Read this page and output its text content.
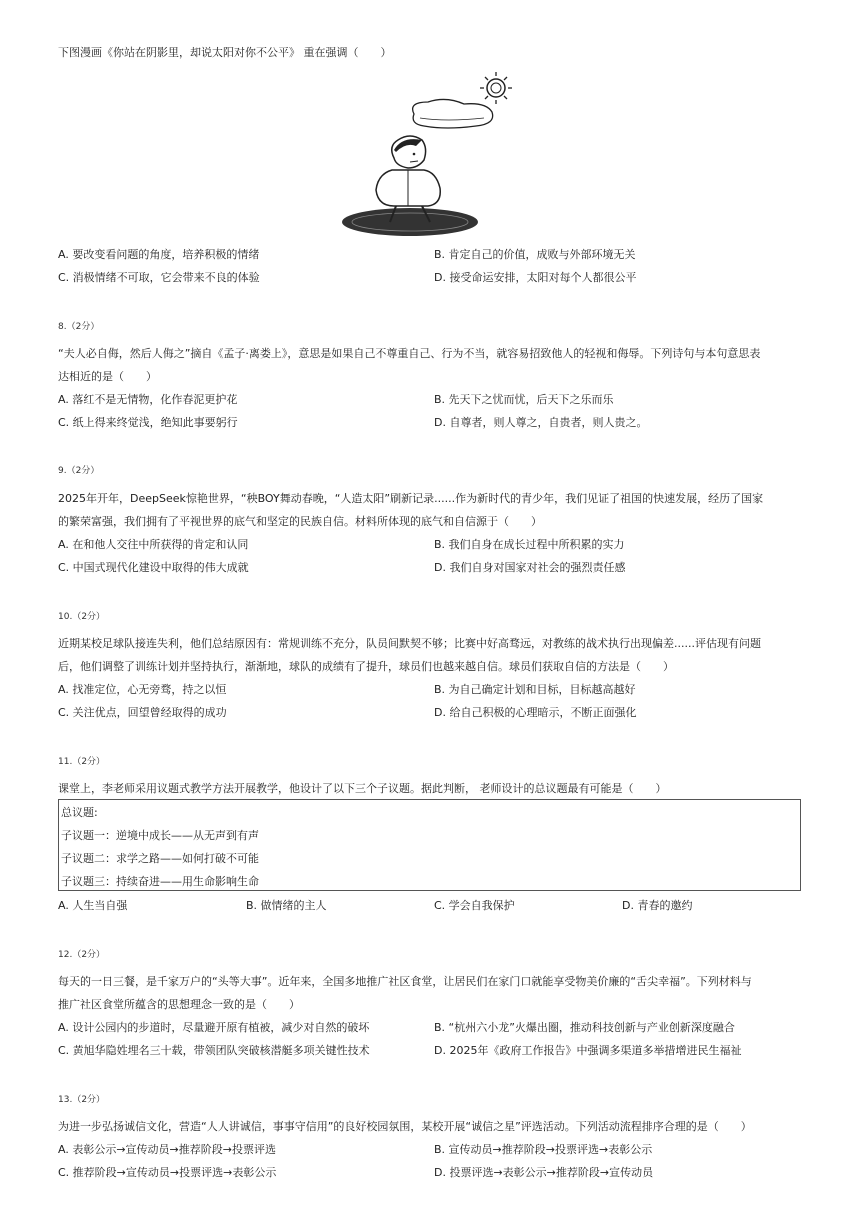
下图漫画《你站在阴影里，却说太阳对你不公平》 重在强调（　　）
A. 要改变看问题的角度，培养积极的情绪	B. 肯定自己的价值，成败与外部环境无关
C. 消极情绪不可取，它会带来不良的体验	D. 接受命运安排，太阳对每个人都很公平
8.（2分）
“夫人必自侮，然后人侮之”摘自《孟子·离娄上》，意思是如果自己不尊重自己、行为不当，就容易招致他人的轻视和侮辱。下列诗句与本句意思表
达相近的是（　　）
A. 落红不是无情物，化作春泥更护花	B. 先天下之忧而忧，后天下之乐而乐
C. 纸上得来终觉浅，绝知此事要躬行	D. 自尊者，则人尊之，自贵者，则人贵之。
9.（2分）
2025年开年，DeepSeek惊艳世界，“秧BOY舞动春晚，“人造太阳”刷新记录......作为新时代的青少年，我们见证了祖国的快速发展，经历了国家
的繁荣富强，我们拥有了平视世界的底气和坚定的民族自信。材料所体现的底气和自信源于（　　）
A. 在和他人交往中所获得的肯定和认同	B. 我们自身在成长过程中所积累的实力
C. 中国式现代化建设中取得的伟大成就	D. 我们自身对国家对社会的强烈责任感
10.（2分）
近期某校足球队接连失利，他们总结原因有：常规训练不充分，队员间默契不够；比赛中好高骛远，对教练的战术执行出现偏差......评估现有问题
后，他们调整了训练计划并坚持执行，渐渐地，球队的成绩有了提升，球员们也越来越自信。球员们获取自信的方法是（　　）
A. 找准定位，心无旁骛，持之以恒	B. 为自己确定计划和目标，目标越高越好
C. 关注优点，回望曾经取得的成功	D. 给自己积极的心理暗示，不断正面强化
11.（2分）
课堂上，李老师采用议题式教学方法开展教学，他设计了以下三个子议题。据此判断， 老师设计的总议题最有可能是（　　）
总议题:
子议题一：逆境中成长——从无声到有声
子议题二：求学之路——如何打破不可能
子议题三：持续奋进——用生命影响生命
A. 人生当自强	B. 做情绪的主人	C. 学会自我保护	D. 青春的邀约
12.（2分）
每天的一日三餐，是千家万户的“头等大事”。近年来，全国多地推广社区食堂，让居民们在家门口就能享受物美价廉的“舌尖幸福”。下列材料与
推广社区食堂所蕴含的思想理念一致的是（　　）
A. 设计公园内的步道时，尽量避开原有植被，减少对自然的破坏	B. “杭州六小龙”火爆出圈，推动科技创新与产业创新深度融合
C. 黄旭华隐姓埋名三十载，带领团队突破核潜艇多项关键性技术	D. 2025年《政府工作报告》中强调多渠道多举措增进民生福祉
13.（2分）
为进一步弘扬诚信文化，营造“人人讲诚信，事事守信用”的良好校园氛围，某校开展“诚信之星”评选活动。下列活动流程排序合理的是（　　）
A. 表彰公示→宣传动员→推荐阶段→投票评选	B. 宣传动员→推荐阶段→投票评选→表彰公示
C. 推荐阶段→宣传动员→投票评选→表彰公示	D. 投票评选→表彰公示→推荐阶段→宣传动员
